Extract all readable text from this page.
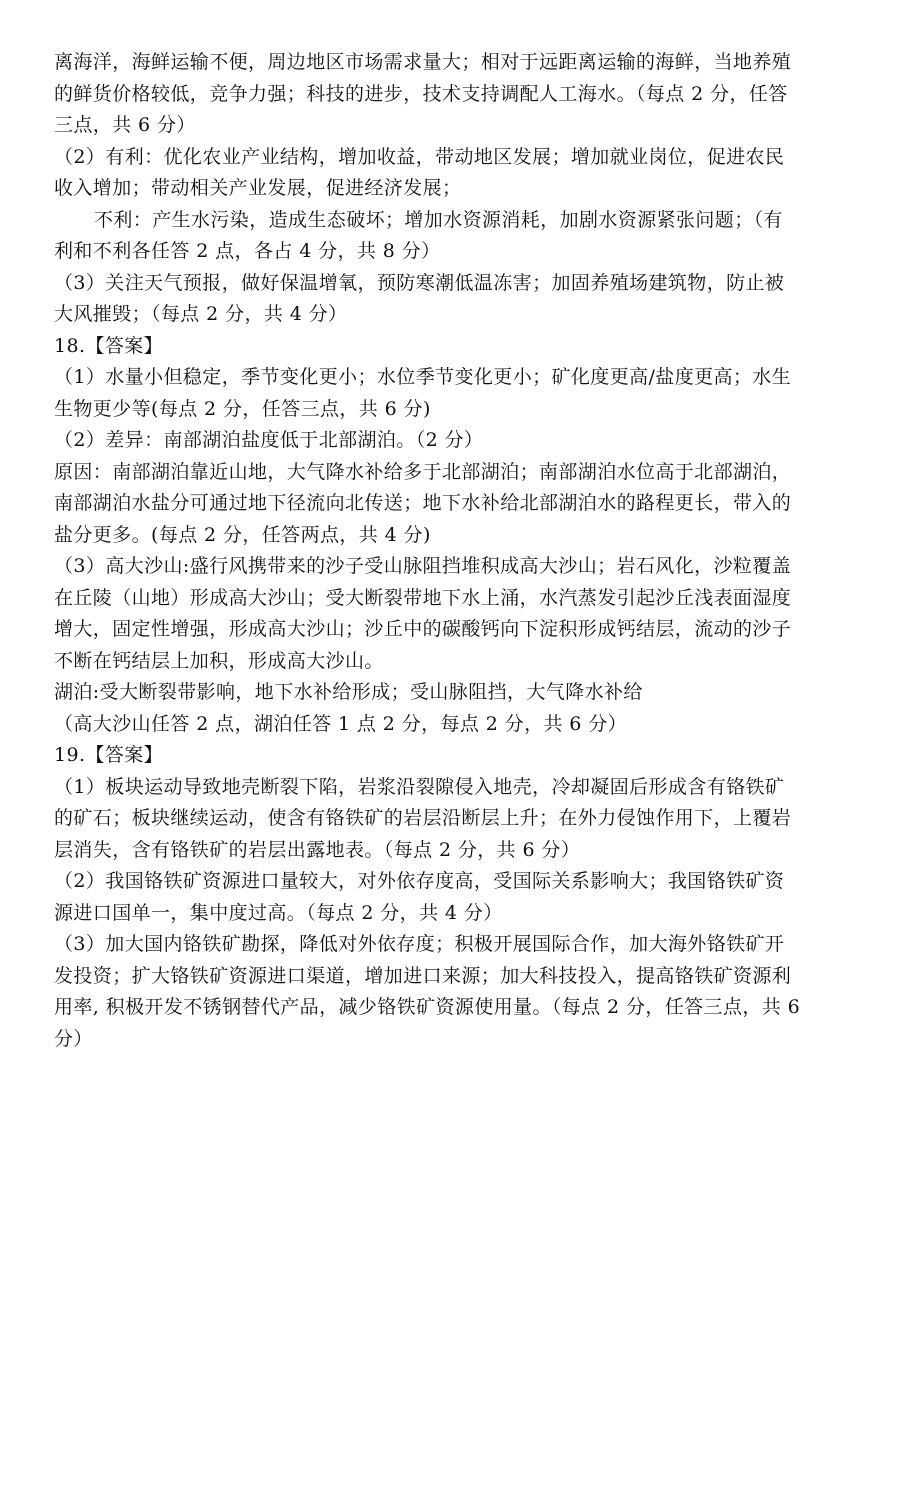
离海洋，海鲜运输不便，周边地区市场需求量大；相对于远距离运输的海鲜，当地养殖
的鲜货价格较低，竞争力强；科技的进步，技术支持调配人工海水。（每点 2 分，任答
三点，共 6 分）
（2）有利：优化农业产业结构，增加收益，带动地区发展；增加就业岗位，促进农民
收入增加；带动相关产业发展，促进经济发展；
不利：产生水污染，造成生态破坏；增加水资源消耗，加剧水资源紧张问题；（有
利和不利各任答 2 点，各占 4 分，共 8 分）
（3）关注天气预报，做好保温增氧，预防寒潮低温冻害；加固养殖场建筑物，防止被
大风摧毁；（每点 2 分，共 4 分）
18.【答案】
（1）水量小但稳定，季节变化更小；水位季节变化更小；矿化度更高/盐度更高；水生
生物更少等(每点 2 分，任答三点，共 6 分)
（2）差异：南部湖泊盐度低于北部湖泊。（2 分）
原因：南部湖泊靠近山地，大气降水补给多于北部湖泊；南部湖泊水位高于北部湖泊，
南部湖泊水盐分可通过地下径流向北传送；地下水补给北部湖泊水的路程更长，带入的
盐分更多。(每点 2 分，任答两点，共 4 分)
（3）高大沙山:盛行风携带来的沙子受山脉阻挡堆积成高大沙山；岩石风化，沙粒覆盖
在丘陵（山地）形成高大沙山；受大断裂带地下水上涌，水汽蒸发引起沙丘浅表面湿度
增大，固定性增强，形成高大沙山；沙丘中的碳酸钙向下淀积形成钙结层，流动的沙子
不断在钙结层上加积，形成高大沙山。
湖泊:受大断裂带影响，地下水补给形成；受山脉阻挡，大气降水补给
（高大沙山任答 2 点，湖泊任答 1 点 2 分，每点 2 分，共 6 分）
19.【答案】
（1）板块运动导致地壳断裂下陷，岩浆沿裂隙侵入地壳，冷却凝固后形成含有铬铁矿
的矿石；板块继续运动，使含有铬铁矿的岩层沿断层上升；在外力侵蚀作用下，上覆岩
层消失，含有铬铁矿的岩层出露地表。（每点 2 分，共 6 分）
（2）我国铬铁矿资源进口量较大，对外依存度高，受国际关系影响大；我国铬铁矿资
源进口国单一，集中度过高。（每点 2 分，共 4 分）
（3）加大国内铬铁矿勘探，降低对外依存度；积极开展国际合作，加大海外铬铁矿开
发投资；扩大铬铁矿资源进口渠道，增加进口来源；加大科技投入，提高铬铁矿资源利
用率, 积极开发不锈钢替代产品，减少铬铁矿资源使用量。（每点 2 分，任答三点，共 6
分）
